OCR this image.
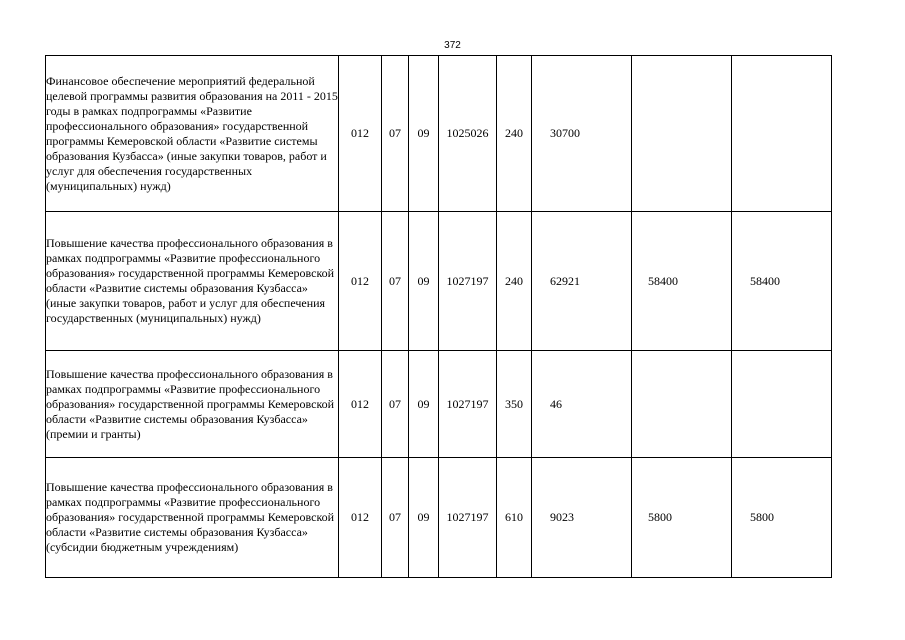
372
Финансовое обеспечение мероприятий федеральной целевой программы развития образования на 2011 - 2015 годы в рамках подпрограммы «Развитие профессионального образования» государственной программы Кемеровской области «Развитие системы образования Кузбасса» (иные закупки товаров, работ и услуг для обеспечения государственных (муниципальных) нужд)	012	07	09	1025026	240	30700		
Повышение качества профессионального образования в рамках подпрограммы «Развитие профессионального образования» государственной программы Кемеровской области «Развитие системы образования Кузбасса» (иные закупки товаров, работ и услуг для обеспечения государственных (муниципальных) нужд)	012	07	09	1027197	240	62921	58400	58400
Повышение качества профессионального образования в рамках подпрограммы «Развитие профессионального образования» государственной программы Кемеровской области «Развитие системы образования Кузбасса» (премии и гранты)	012	07	09	1027197	350	46		
Повышение качества профессионального образования в рамках подпрограммы «Развитие профессионального образования» государственной программы Кемеровской области «Развитие системы образования Кузбасса» (субсидии бюджетным учреждениям)	012	07	09	1027197	610	9023	5800	5800
